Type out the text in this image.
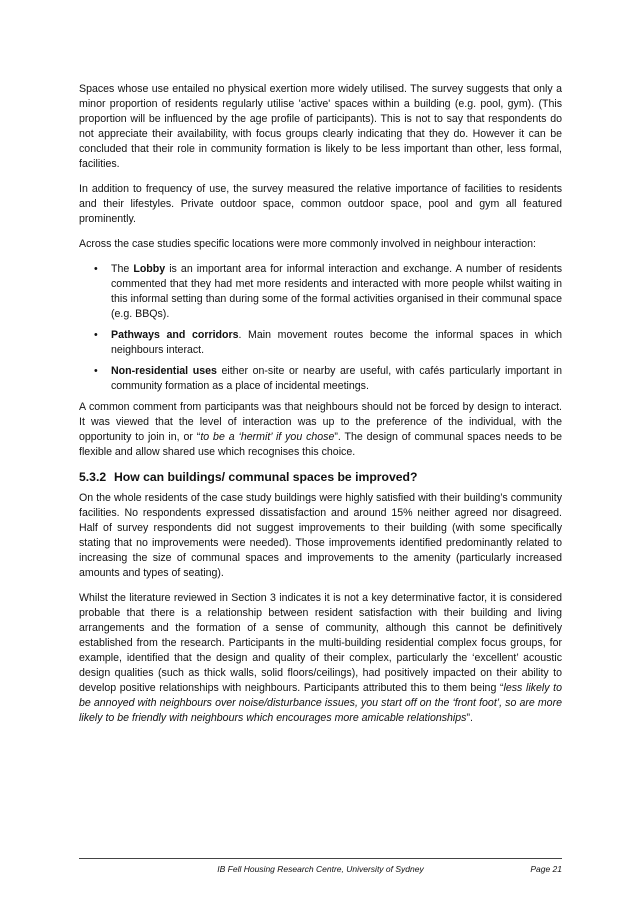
Spaces whose use entailed no physical exertion more widely utilised. The survey suggests that only a minor proportion of residents regularly utilise 'active' spaces within a building (e.g. pool, gym). (This proportion will be influenced by the age profile of participants). This is not to say that respondents do not appreciate their availability, with focus groups clearly indicating that they do. However it can be concluded that their role in community formation is likely to be less important than other, less formal, facilities.

In addition to frequency of use, the survey measured the relative importance of facilities to residents and their lifestyles. Private outdoor space, common outdoor space, pool and gym all featured prominently.

Across the case studies specific locations were more commonly involved in neighbour interaction:

• The Lobby is an important area for informal interaction and exchange. A number of residents commented that they had met more residents and interacted with more people whilst waiting in this informal setting than during some of the formal activities organised in their communal space (e.g. BBQs).
• Pathways and corridors. Main movement routes become the informal spaces in which neighbours interact.
• Non-residential uses either on-site or nearby are useful, with cafés particularly important in community formation as a place of incidental meetings.

A common comment from participants was that neighbours should not be forced by design to interact. It was viewed that the level of interaction was up to the preference of the individual, with the opportunity to join in, or “to be a ‘hermit’ if you chose”. The design of communal spaces needs to be flexible and allow shared use which recognises this choice.

5.3.2 How can buildings/ communal spaces be improved?

On the whole residents of the case study buildings were highly satisfied with their building’s community facilities. No respondents expressed dissatisfaction and around 15% neither agreed nor disagreed. Half of survey respondents did not suggest improvements to their building (with some specifically stating that no improvements were needed). Those improvements identified predominantly related to increasing the size of communal spaces and improvements to the amenity (particularly increased amounts and types of seating).

Whilst the literature reviewed in Section 3 indicates it is not a key determinative factor, it is considered probable that there is a relationship between resident satisfaction with their building and living arrangements and the formation of a sense of community, although this cannot be definitively established from the research. Participants in the multi-building residential complex focus groups, for example, identified that the design and quality of their complex, particularly the ‘excellent’ acoustic design qualities (such as thick walls, solid floors/ceilings), had positively impacted on their ability to develop positive relationships with neighbours. Participants attributed this to them being “less likely to be annoyed with neighbours over noise/disturbance issues, you start off on the ‘front foot’, so are more likely to be friendly with neighbours which encourages more amicable relationships”.

IB Fell Housing Research Centre, University of Sydney	Page 21
